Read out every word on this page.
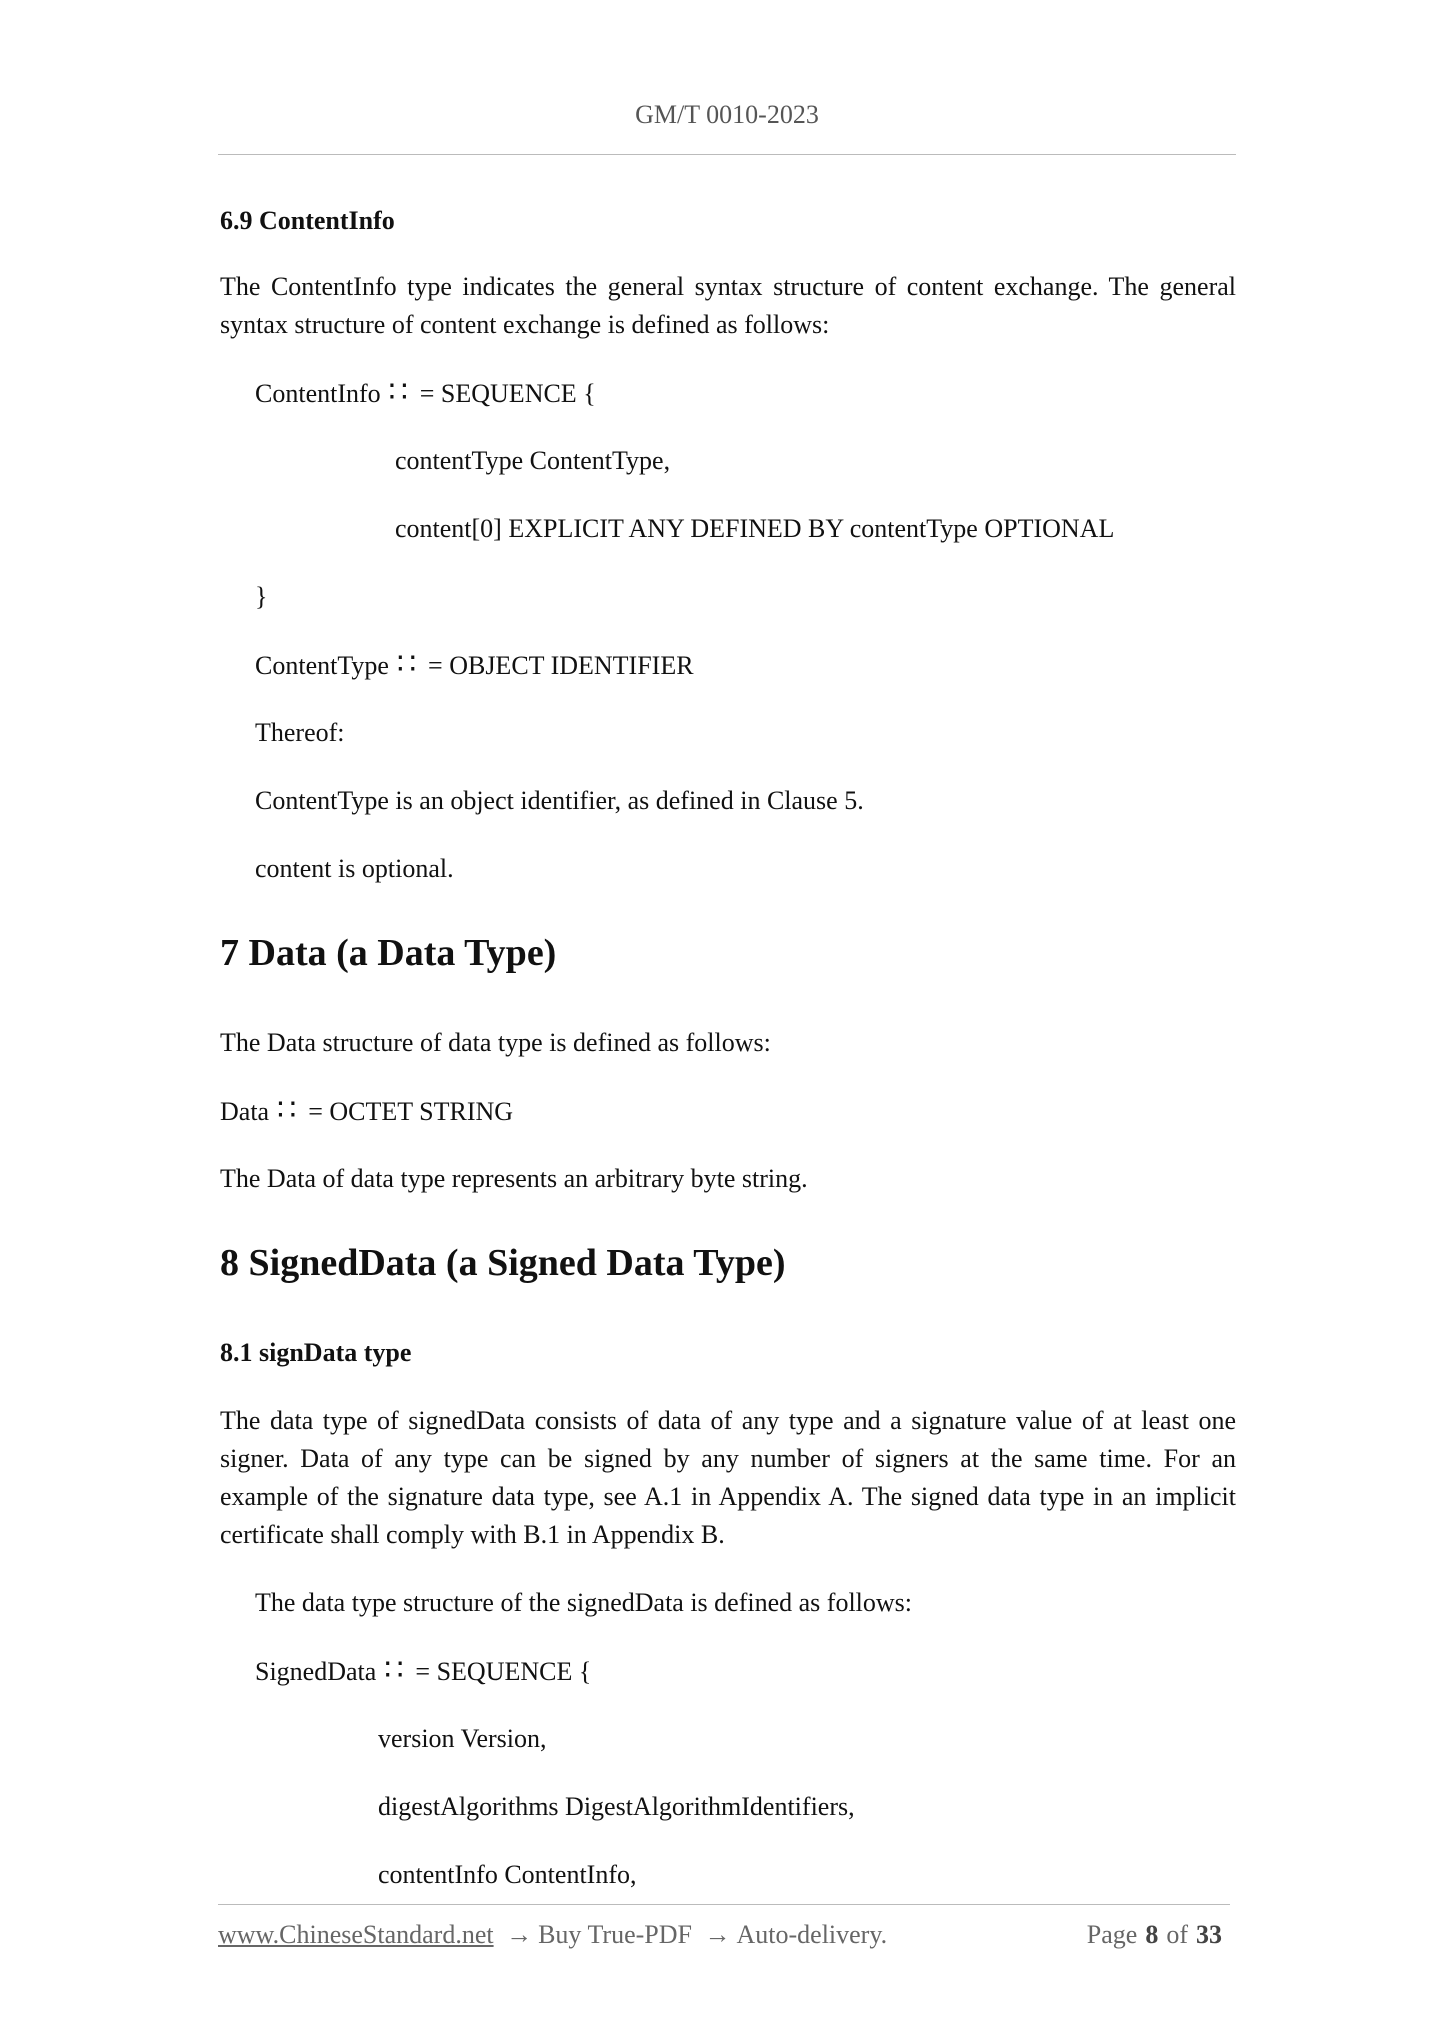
GM/T 0010-2023

6.9 ContentInfo

The ContentInfo type indicates the general syntax structure of content exchange. The general syntax structure of content exchange is defined as follows:

ContentInfo ∷ = SEQUENCE {

contentType ContentType,

content[0] EXPLICIT ANY DEFINED BY contentType OPTIONAL

}

ContentType ∷ = OBJECT IDENTIFIER

Thereof:

ContentType is an object identifier, as defined in Clause 5.

content is optional.

7 Data (a Data Type)

The Data structure of data type is defined as follows:

Data ∷ = OCTET STRING

The Data of data type represents an arbitrary byte string.

8 SignedData (a Signed Data Type)

8.1 signData type

The data type of signedData consists of data of any type and a signature value of at least one signer. Data of any type can be signed by any number of signers at the same time. For an example of the signature data type, see A.1 in Appendix A. The signed data type in an implicit certificate shall comply with B.1 in Appendix B.

The data type structure of the signedData is defined as follows:

SignedData ∷ = SEQUENCE {

version Version,

digestAlgorithms DigestAlgorithmIdentifiers,

contentInfo ContentInfo,

www.ChineseStandard.net → Buy True-PDF → Auto-delivery.	Page 8 of 33
